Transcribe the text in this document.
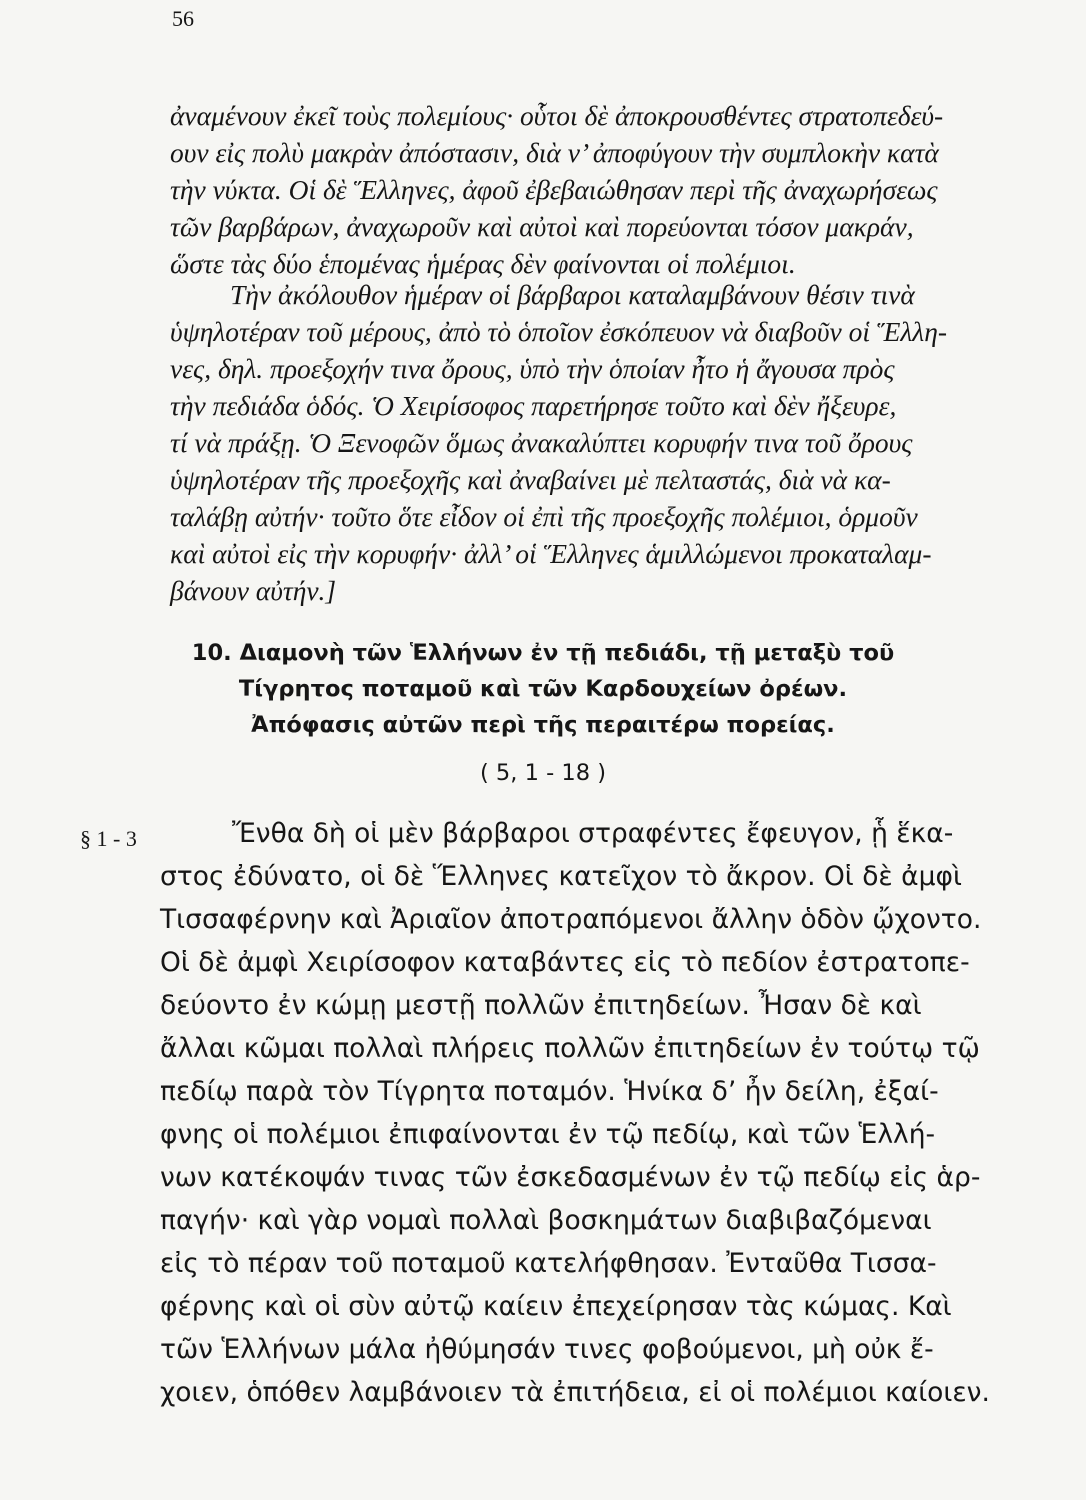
56

ἀναμένουν ἐκεῖ τοὺς πολεμίους· οὗτοι δὲ ἀποκρουσθέντες στρατοπεδεύ-

ουν εἰς πολὺ μακρὰν ἀπόστασιν, διὰ ν’ ἀποφύγουν τὴν συμπλοκὴν κατὰ

τὴν νύκτα. Οἱ δὲ Ἕλληνες, ἀφοῦ ἐβεβαιώθησαν περὶ τῆς ἀναχωρήσεως

τῶν βαρβάρων, ἀναχωροῦν καὶ αὐτοὶ καὶ πορεύονται τόσον μακράν,

ὥστε τὰς δύο ἑπομένας ἡμέρας δὲν φαίνονται οἱ πολέμιοι.

Τὴν ἀκόλουθον ἡμέραν οἱ βάρβαροι καταλαμβάνουν θέσιν τινὰ

ὑψηλοτέραν τοῦ μέρους, ἀπὸ τὸ ὁποῖον ἐσκόπευον νὰ διαβοῦν οἱ Ἕλλη-

νες, δηλ. προεξοχήν τινα ὄρους, ὑπὸ τὴν ὁποίαν ἦτο ἡ ἄγουσα πρὸς

τὴν πεδιάδα ὁδός. Ὁ Χειρίσοφος παρετήρησε τοῦτο καὶ δὲν ἤξευρε,

τί νὰ πράξῃ. Ὁ Ξενοφῶν ὅμως ἀνακαλύπτει κορυφήν τινα τοῦ ὄρους

ὑψηλοτέραν τῆς προεξοχῆς καὶ ἀναβαίνει μὲ πελταστάς, διὰ νὰ κα-

ταλάβῃ αὐτήν· τοῦτο ὅτε εἶδον οἱ ἐπὶ τῆς προεξοχῆς πολέμιοι, ὁρμοῦν

καὶ αὐτοὶ εἰς τὴν κορυφήν· ἀλλ’ οἱ Ἕλληνες ἁμιλλώμενοι προκαταλαμ-

βάνουν αὐτήν.]

10. Διαμονὴ τῶν Ἑλλήνων ἐν τῇ πεδιάδι, τῇ μεταξὺ τοῦ

Τίγρητος ποταμοῦ καὶ τῶν Καρδουχείων ὀρέων.

Ἀπόφασις αὐτῶν περὶ τῆς περαιτέρω πορείας.

( 5, 1 - 18 )

§ 1 - 3	Ἔνθα δὴ οἱ μὲν βάρβαροι στραφέντες ἔφευγον, ᾗ ἕκα-

στος ἐδύνατο, οἱ δὲ Ἕλληνες κατεῖχον τὸ ἄκρον. Οἱ δὲ ἀμφὶ

Τισσαφέρνην καὶ Ἀριαῖον ἀποτραπόμενοι ἄλλην ὁδὸν ᾤχοντο.

Οἱ δὲ ἀμφὶ Χειρίσοφον καταβάντες εἰς τὸ πεδίον ἐστρατοπε-

δεύοντο ἐν κώμῃ μεστῇ πολλῶν ἐπιτηδείων. Ἦσαν δὲ καὶ

ἄλλαι κῶμαι πολλαὶ πλήρεις πολλῶν ἐπιτηδείων ἐν τούτῳ τῷ

πεδίῳ παρὰ τὸν Τίγρητα ποταμόν. Ἡνίκα δ’ ἦν δείλη, ἐξαί-

φνης οἱ πολέμιοι ἐπιφαίνονται ἐν τῷ πεδίῳ, καὶ τῶν Ἑλλή-

νων κατέκοψάν τινας τῶν ἐσκεδασμένων ἐν τῷ πεδίῳ εἰς ἁρ-

παγήν· καὶ γὰρ νομαὶ πολλαὶ βοσκημάτων διαβιβαζόμεναι

εἰς τὸ πέραν τοῦ ποταμοῦ κατελήφθησαν. Ἐνταῦθα Τισσα-

φέρνης καὶ οἱ σὺν αὐτῷ καίειν ἐπεχείρησαν τὰς κώμας. Καὶ

τῶν Ἑλλήνων μάλα ἠθύμησάν τινες φοβούμενοι, μὴ οὐκ ἔ-

χοιεν, ὁπόθεν λαμβάνοιεν τὰ ἐπιτήδεια, εἰ οἱ πολέμιοι καίοιεν.
